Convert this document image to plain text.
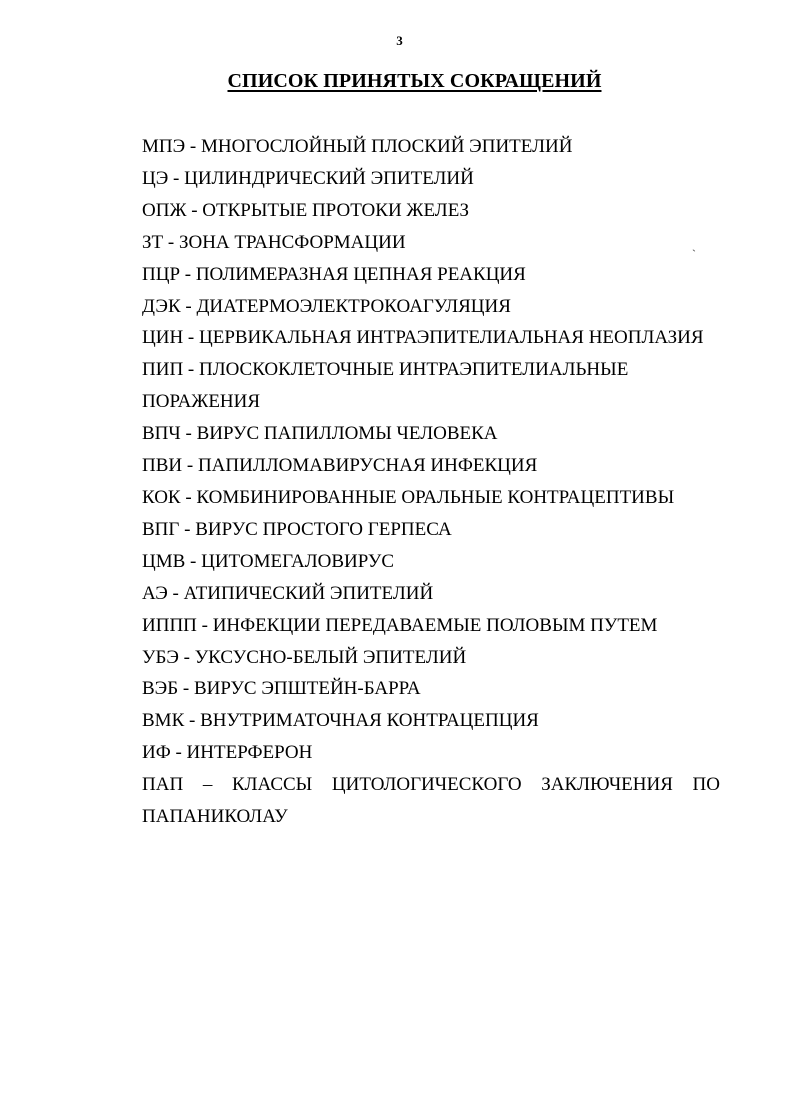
3
СПИСОК ПРИНЯТЫХ СОКРАЩЕНИЙ
ˎ
МПЭ - МНОГОСЛОЙНЫЙ ПЛОСКИЙ ЭПИТЕЛИЙ
ЦЭ - ЦИЛИНДРИЧЕСКИЙ ЭПИТЕЛИЙ
ОПЖ - ОТКРЫТЫЕ ПРОТОКИ ЖЕЛЕЗ
ЗТ - ЗОНА ТРАНСФОРМАЦИИ
ПЦР - ПОЛИМЕРАЗНАЯ ЦЕПНАЯ РЕАКЦИЯ
ДЭК - ДИАТЕРМОЭЛЕКТРОКОАГУЛЯЦИЯ
ЦИН - ЦЕРВИКАЛЬНАЯ ИНТРАЭПИТЕЛИАЛЬНАЯ НЕОПЛАЗИЯ
ПИП - ПЛОСКОКЛЕТОЧНЫЕ ИНТРАЭПИТЕЛИАЛЬНЫЕ ПОРАЖЕНИЯ
ВПЧ - ВИРУС ПАПИЛЛОМЫ ЧЕЛОВЕКА
ПВИ - ПАПИЛЛОМАВИРУСНАЯ ИНФЕКЦИЯ
КОК - КОМБИНИРОВАННЫЕ ОРАЛЬНЫЕ КОНТРАЦЕПТИВЫ
ВПГ - ВИРУС ПРОСТОГО ГЕРПЕСА
ЦМВ - ЦИТОМЕГАЛОВИРУС
АЭ - АТИПИЧЕСКИЙ ЭПИТЕЛИЙ
ИППП - ИНФЕКЦИИ ПЕРЕДАВАЕМЫЕ ПОЛОВЫМ ПУТЕМ
УБЭ - УКСУСНО-БЕЛЫЙ ЭПИТЕЛИЙ
ВЭБ - ВИРУС ЭПШТЕЙН-БАРРА
ВМК - ВНУТРИМАТОЧНАЯ КОНТРАЦЕПЦИЯ
ИФ - ИНТЕРФЕРОН
ПАП – КЛАССЫ ЦИТОЛОГИЧЕСКОГО ЗАКЛЮЧЕНИЯ ПО ПАПАНИКОЛАУ
